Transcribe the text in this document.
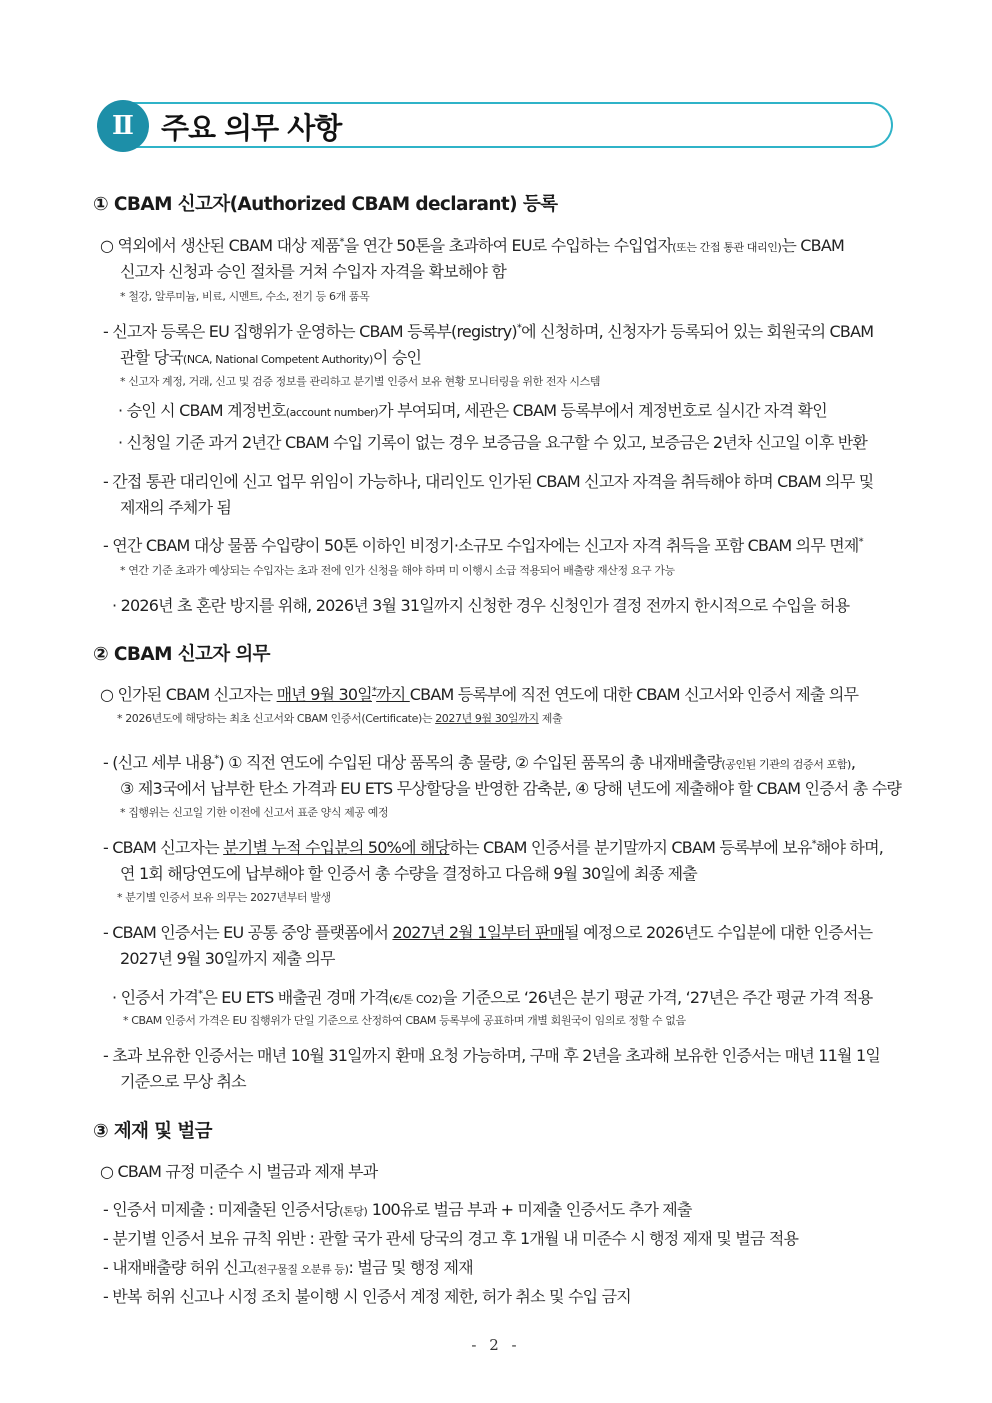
Ⅱ 주요 의무 사항
① CBAM 신고자(Authorized CBAM declarant) 등록
○ 역외에서 생산된 CBAM 대상 제품*을 연간 50톤을 초과하여 EU로 수입하는 수입업자(또는 간접 통관 대리인)는 CBAM
신고자 신청과 승인 절차를 거쳐 수입자 자격을 확보해야 함
* 철강, 알루미늄, 비료, 시멘트, 수소, 전기 등 6개 품목
- 신고자 등록은 EU 집행위가 운영하는 CBAM 등록부(registry)*에 신청하며, 신청자가 등록되어 있는 회원국의 CBAM
관할 당국(NCA, National Competent Authority)이 승인
* 신고자 계정, 거래, 신고 및 검증 정보를 관리하고 분기별 인증서 보유 현황 모니터링을 위한 전자 시스템
· 승인 시 CBAM 계정번호(account number)가 부여되며, 세관은 CBAM 등록부에서 계정번호로 실시간 자격 확인
· 신청일 기준 과거 2년간 CBAM 수입 기록이 없는 경우 보증금을 요구할 수 있고, 보증금은 2년차 신고일 이후 반환
- 간접 통관 대리인에 신고 업무 위임이 가능하나, 대리인도 인가된 CBAM 신고자 자격을 취득해야 하며 CBAM 의무 및
제재의 주체가 됨
- 연간 CBAM 대상 물품 수입량이 50톤 이하인 비정기·소규모 수입자에는 신고자 자격 취득을 포함 CBAM 의무 면제*
* 연간 기준 초과가 예상되는 수입자는 초과 전에 인가 신청을 해야 하며 미 이행시 소급 적용되어 배출량 재산정 요구 가능
· 2026년 초 혼란 방지를 위해, 2026년 3월 31일까지 신청한 경우 신청인가 결정 전까지 한시적으로 수입을 허용
② CBAM 신고자 의무
○ 인가된 CBAM 신고자는 매년 9월 30일*까지 CBAM 등록부에 직전 연도에 대한 CBAM 신고서와 인증서 제출 의무
* 2026년도에 해당하는 최초 신고서와 CBAM 인증서(Certificate)는 2027년 9월 30일까지 제출
- (신고 세부 내용*) ① 직전 연도에 수입된 대상 품목의 총 물량, ② 수입된 품목의 총 내재배출량(공인된 기관의 검증서 포함),
③ 제3국에서 납부한 탄소 가격과 EU ETS 무상할당을 반영한 감축분, ④ 당해 년도에 제출해야 할 CBAM 인증서 총 수량
* 집행위는 신고일 기한 이전에 신고서 표준 양식 제공 예정
- CBAM 신고자는 분기별 누적 수입분의 50%에 해당하는 CBAM 인증서를 분기말까지 CBAM 등록부에 보유*해야 하며,
연 1회 해당연도에 납부해야 할 인증서 총 수량을 결정하고 다음해 9월 30일에 최종 제출
* 분기별 인증서 보유 의무는 2027년부터 발생
- CBAM 인증서는 EU 공통 중앙 플랫폼에서 2027년 2월 1일부터 판매될 예정으로 2026년도 수입분에 대한 인증서는
2027년 9월 30일까지 제출 의무
· 인증서 가격*은 EU ETS 배출권 경매 가격(€/톤 CO2)을 기준으로 ‘26년은 분기 평균 가격, ‘27년은 주간 평균 가격 적용
* CBAM 인증서 가격은 EU 집행위가 단일 기준으로 산정하여 CBAM 등록부에 공표하며 개별 회원국이 임의로 정할 수 없음
- 초과 보유한 인증서는 매년 10월 31일까지 환매 요청 가능하며, 구매 후 2년을 초과해 보유한 인증서는 매년 11월 1일
기준으로 무상 취소
③ 제재 및 벌금
○ CBAM 규정 미준수 시 벌금과 제재 부과
- 인증서 미제출 : 미제출된 인증서당(톤당) 100유로 벌금 부과 + 미제출 인증서도 추가 제출
- 분기별 인증서 보유 규칙 위반 : 관할 국가 관세 당국의 경고 후 1개월 내 미준수 시 행정 제재 및 벌금 적용
- 내재배출량 허위 신고(전구물질 오분류 등): 벌금 및 행정 제재
- 반복 허위 신고나 시정 조치 불이행 시 인증서 계정 제한, 허가 취소 및 수입 금지
- 2 -
